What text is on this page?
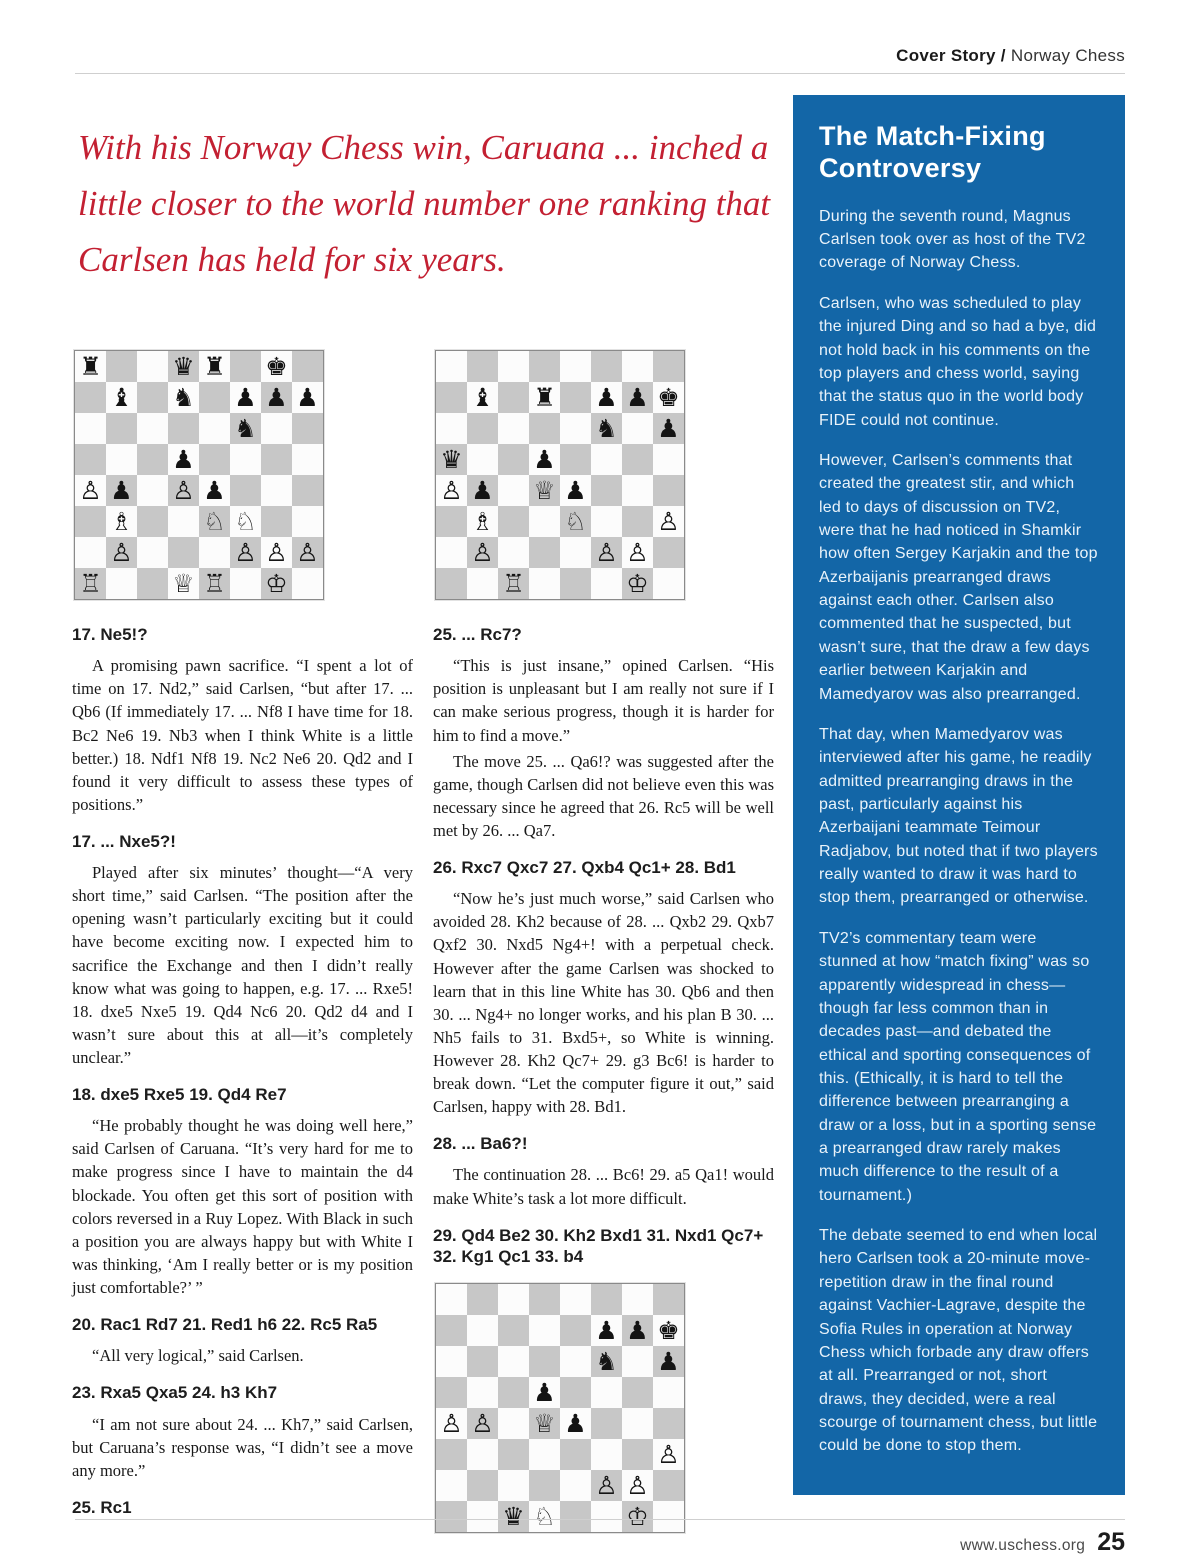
Cover Story / Norway Chess
With his Norway Chess win, Caruana ... inched a little closer to the world number one ranking that Carlsen has held for six years.
♜	♛ ♜ ♚
♝ ♞ ♟ ♟ ♟
♞
♟
♙ ♟ ♙ ♟
♗	♘ ♘
♙	♙ ♙ ♙
♖	♕ ♖ ♔
17. Ne5!?

A promising pawn sacrifice. “I spent a lot of time on 17. Nd2,” said Carlsen, “but after 17. ... Qb6 (If immediately 17. ... Nf8 I have time for 18. Bc2 Ne6 19. Nb3 when I think White is a little better.) 18. Ndf1 Nf8 19. Nc2 Ne6 20. Qd2 and I found it very difficult to assess these types of positions.”

17. ... Nxe5?!

Played after six minutes’ thought—“A very short time,” said Carlsen. “The position after the opening wasn’t particularly exciting but it could have become exciting now. I expected him to sacrifice the Exchange and then I didn’t really know what was going to happen, e.g. 17. ... Rxe5! 18. dxe5 Nxe5 19. Qd4 Nc6 20. Qd2 d4 and I wasn’t sure about this at all—it’s completely unclear.”

18. dxe5 Rxe5 19. Qd4 Re7

“He probably thought he was doing well here,” said Carlsen of Caruana. “It’s very hard for me to make progress since I have to maintain the d4 blockade. You often get this sort of position with colors reversed in a Ruy Lopez. With Black in such a position you are always happy but with White I was thinking, ‘Am I really better or is my position just comfortable?’ ”

20. Rac1 Rd7 21. Red1 h6 22. Rc5 Ra5

“All very logical,” said Carlsen.

23. Rxa5 Qxa5 24. h3 Kh7

“I am not sure about 24. ... Kh7,” said Carlsen, but Caruana’s response was, “I didn’t see a move any more.”

25. Rc1
♝ ♜ ♟ ♟ ♚
♞ ♟
♛	♟
♙ ♟ ♕ ♟
♗	♘	♙
♙	♙ ♙
♖	♔
25. ... Rc7?

“This is just insane,” opined Carlsen. “His position is unpleasant but I am really not sure if I can make serious progress, though it is harder for him to find a move.”

The move 25. ... Qa6!? was suggested after the game, though Carlsen did not believe even this was necessary since he agreed that 26. Rc5 will be well met by 26. ... Qa7.

26. Rxc7 Qxc7 27. Qxb4 Qc1+ 28. Bd1

“Now he’s just much worse,” said Carlsen who avoided 28. Kh2 because of 28. ... Qxb2 29. Qxb7 Qxf2 30. Nxd5 Ng4+! with a perpetual check. However after the game Carlsen was shocked to learn that in this line White has 30. Qb6 and then 30. ... Ng4+ no longer works, and his plan B 30. ... Nh5 fails to 31. Bxd5+, so White is winning. However 28. Kh2 Qc7+ 29. g3 Bc6! is harder to break down. “Let the computer figure it out,” said Carlsen, happy with 28. Bd1.

28. ... Ba6?!

The continuation 28. ... Bc6! 29. a5 Qa1! would make White’s task a lot more difficult.

29. Qd4 Be2 30. Kh2 Bxd1 31. Nxd1 Qc7+ 32. Kg1 Qc1 33. b4
♟ ♟ ♚
♞ ♟
♟
♙ ♙ ♕ ♟
♙
♙ ♙
♛ ♘	♔
The Match-Fixing Controversy

During the seventh round, Magnus Carlsen took over as host of the TV2 coverage of Norway Chess.

Carlsen, who was scheduled to play the injured Ding and so had a bye, did not hold back in his comments on the top players and chess world, saying that the status quo in the world body FIDE could not continue.

However, Carlsen’s comments that created the greatest stir, and which led to days of discussion on TV2, were that he had noticed in Shamkir how often Sergey Karjakin and the top Azerbaijanis prearranged draws against each other. Carlsen also commented that he suspected, but wasn’t sure, that the draw a few days earlier between Karjakin and Mamedyarov was also prearranged.

That day, when Mamedyarov was interviewed after his game, he readily admitted prearranging draws in the past, particularly against his Azerbaijani teammate Teimour Radjabov, but noted that if two players really wanted to draw it was hard to stop them, prearranged or otherwise.

TV2’s commentary team were stunned at how “match fixing” was so apparently widespread in chess—though far less common than in decades past—and debated the ethical and sporting consequences of this. (Ethically, it is hard to tell the difference between prearranging a draw or a loss, but in a sporting sense a prearranged draw rarely makes much difference to the result of a tournament.)

The debate seemed to end when local hero Carlsen took a 20-minute move-repetition draw in the final round against Vachier-Lagrave, despite the Sofia Rules in operation at Norway Chess which forbade any draw offers at all. Prearranged or not, short draws, they decided, were a real scourge of tournament chess, but little could be done to stop them.

www.uschess.org 25
